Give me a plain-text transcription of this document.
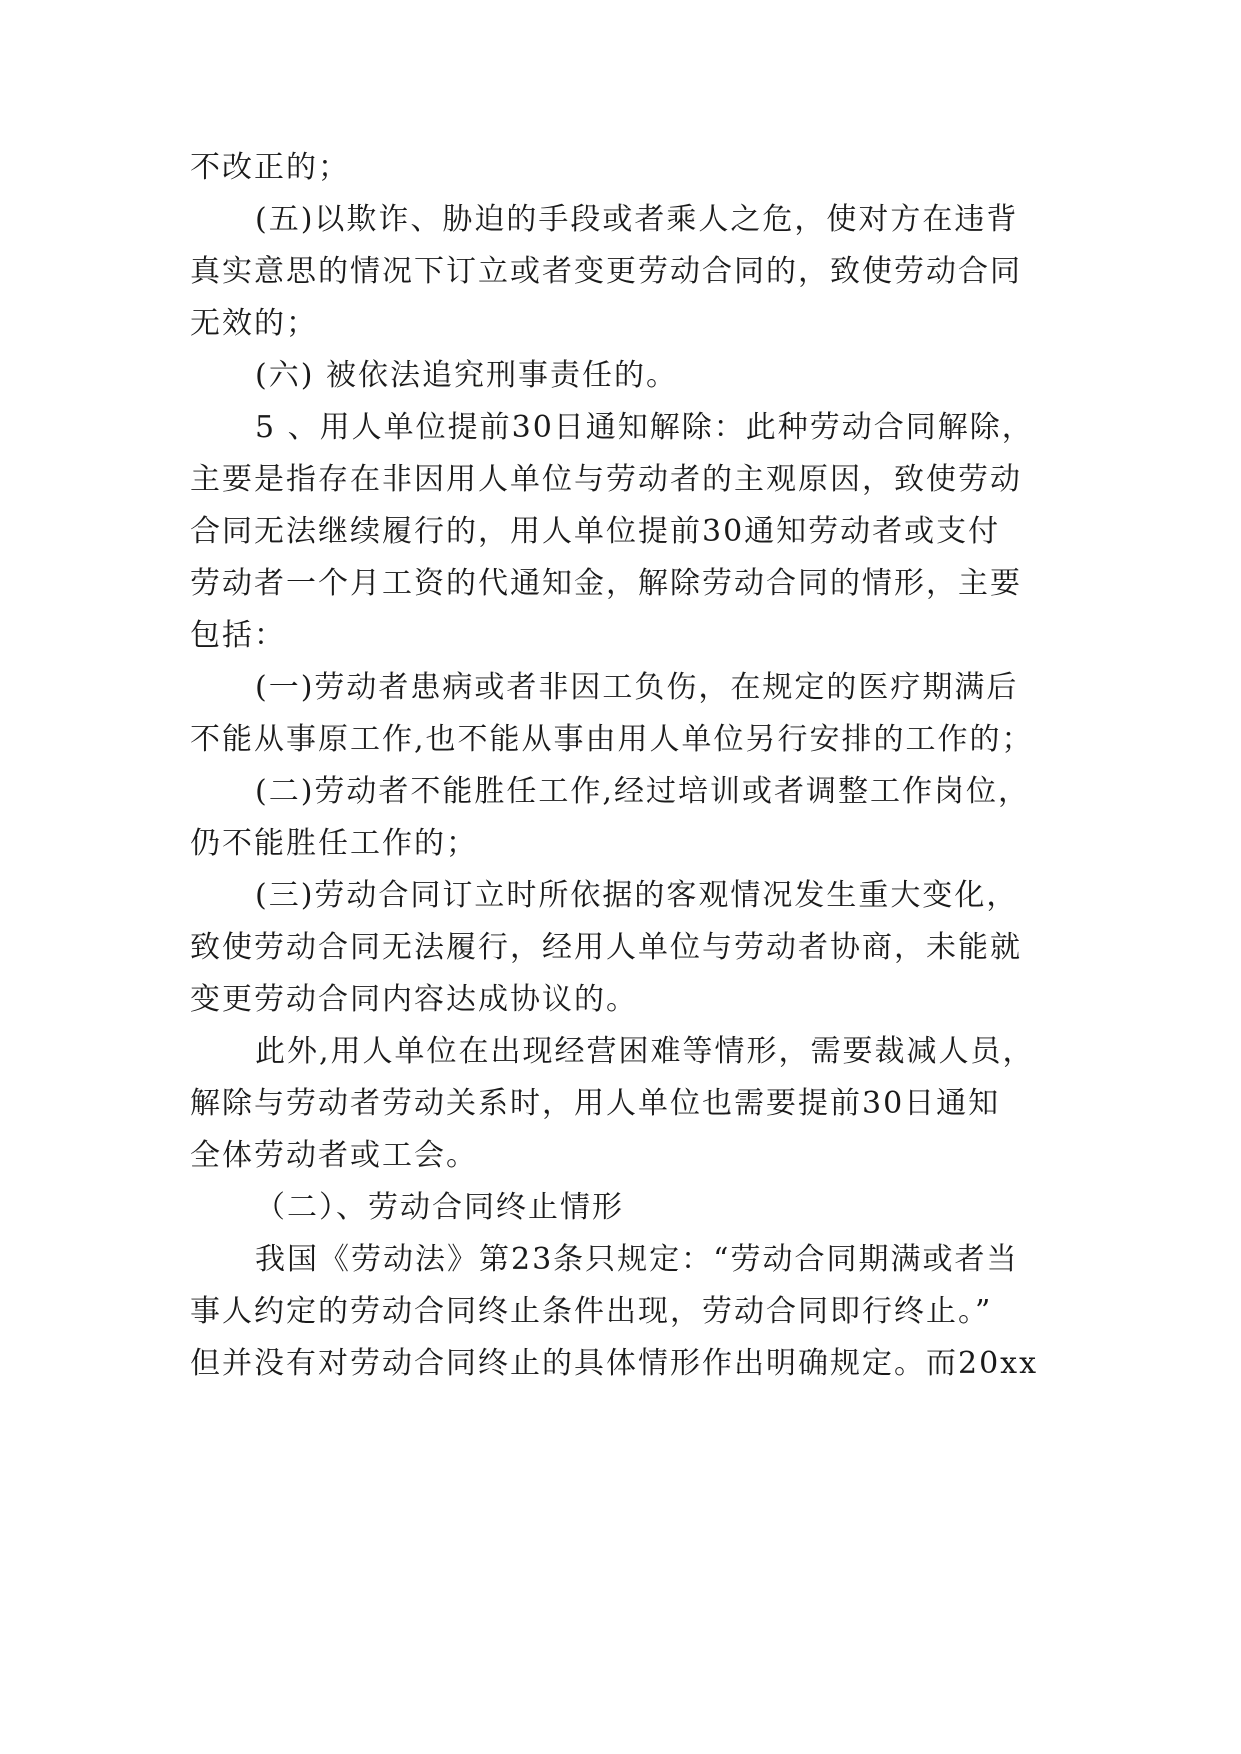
不改正的；
(五)以欺诈、胁迫的手段或者乘人之危，使对方在违背
真实意思的情况下订立或者变更劳动合同的，致使劳动合同
无效的；
(六) 被依法追究刑事责任的。
5 、用人单位提前30日通知解除：此种劳动合同解除，
主要是指存在非因用人单位与劳动者的主观原因，致使劳动
合同无法继续履行的，用人单位提前30通知劳动者或支付
劳动者一个月工资的代通知金，解除劳动合同的情形，主要
包括：
(一)劳动者患病或者非因工负伤，在规定的医疗期满后
不能从事原工作,也不能从事由用人单位另行安排的工作的；
(二)劳动者不能胜任工作,经过培训或者调整工作岗位，
仍不能胜任工作的；
(三)劳动合同订立时所依据的客观情况发生重大变化，
致使劳动合同无法履行，经用人单位与劳动者协商，未能就
变更劳动合同内容达成协议的。
此外,用人单位在出现经营困难等情形，需要裁减人员，
解除与劳动者劳动关系时，用人单位也需要提前30日通知
全体劳动者或工会。
（二）、劳动合同终止情形
我国《劳动法》第23条只规定：“劳动合同期满或者当
事人约定的劳动合同终止条件出现，劳动合同即行终止。”
但并没有对劳动合同终止的具体情形作出明确规定。而20xx
